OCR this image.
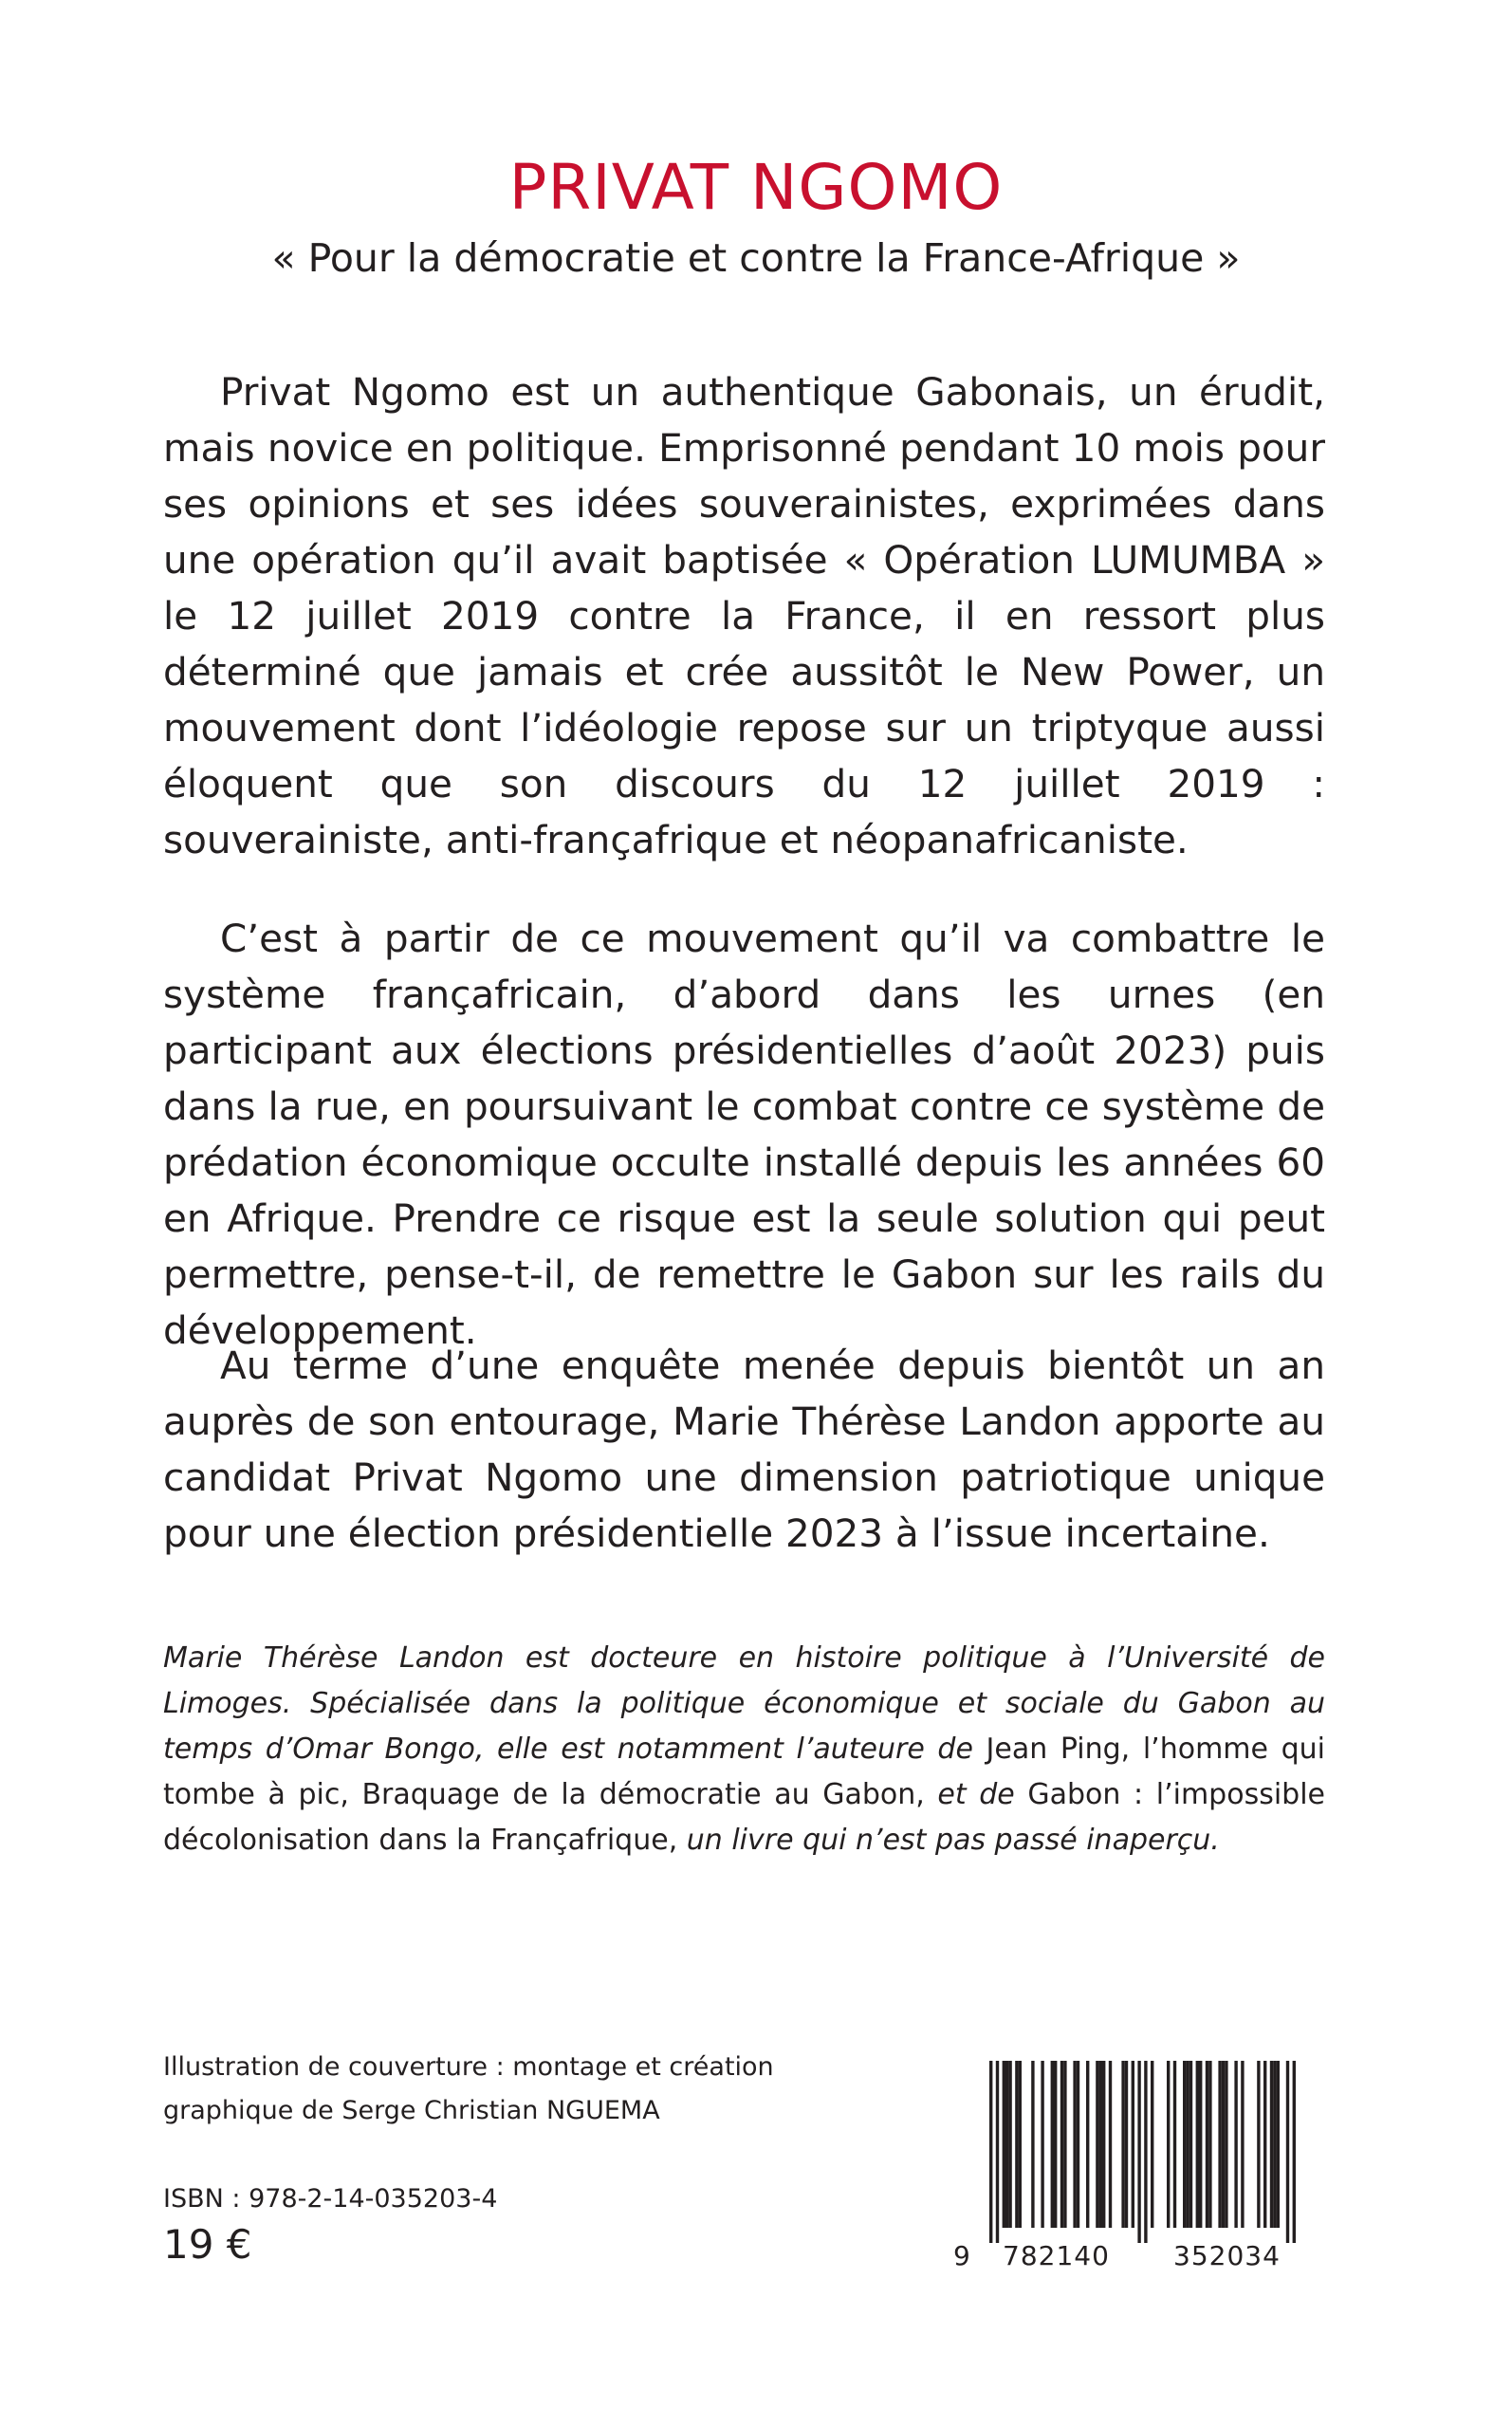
PRIVAT NGOMO

« Pour la démocratie et contre la France-Afrique »

Privat Ngomo est un authentique Gabonais, un érudit, mais novice en politique. Emprisonné pendant 10 mois pour ses opinions et ses idées souverainistes, exprimées dans une opération qu’il avait baptisée « Opération LUMUMBA » le 12 juillet 2019 contre la France, il en ressort plus déterminé que jamais et crée aussitôt le New Power, un mouvement dont l’idéologie repose sur un triptyque aussi éloquent que son discours du 12 juillet 2019 : souverainiste, anti-françafrique et néopanafricaniste.

C’est à partir de ce mouvement qu’il va combattre le système françafricain, d’abord dans les urnes (en participant aux élections présidentielles d’août 2023) puis dans la rue, en poursuivant le combat contre ce système de prédation économique occulte installé depuis les années 60 en Afrique. Prendre ce risque est la seule solution qui peut permettre, pense-t-il, de remettre le Gabon sur les rails du développement.

Au terme d’une enquête menée depuis bientôt un an auprès de son entourage, Marie Thérèse Landon apporte au candidat Privat Ngomo une dimension patriotique unique pour une élection présidentielle 2023 à l’issue incertaine.

Marie Thérèse Landon est docteure en histoire politique à l’Université de Limoges. Spécialisée dans la politique économique et sociale du Gabon au temps d’Omar Bongo, elle est notamment l’auteure de Jean Ping, l’homme qui tombe à pic, Braquage de la démocratie au Gabon, et de Gabon : l’impossible décolonisation dans la Françafrique, un livre qui n’est pas passé inaperçu.

Illustration de couverture : montage et création
graphique de Serge Christian NGUEMA

ISBN : 978-2-14-035203-4

19 €

	9

782140

352034
